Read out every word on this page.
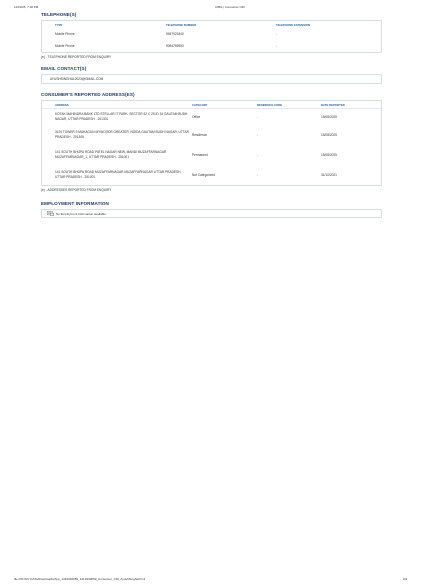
11/19/25, 7:18 PM	CIBIL | Consumer CIR
TELEPHONE(S)
TYPE	TELEPHONE NUMBER	TELEPHONE EXTENSION
Mobile Phone	9457921840	-
Mobile Phone	9084759950	-
(e) - TELEPHONE REPORTED FROM ENQUIRY
EMAIL CONTACT(S)
AYUSHSINGHAL2023@GMAIL.COM
CONSUMER'S REPORTED ADDRESS(ES)
ADDRESS	CATEGORY	RESIDENCE CODE	DATE REPORTED
KOTAK MAHINDRA BANK LTD STELLAR IT PARK, SECTOR 62 C 25 ID 34 GAUTAM BUDH NAGAR, UTTAR PRADESH - 201301	Office	-	15/08/2025
3120 TOWER 9 MAHAGUN MYWOODS GREATER, NOIDA GAUTAM BUDH NAGAR, UTTAR PRADESH - 201306	Residence	-	15/08/2025
141 SOUTH BHOPA ROAD PATEL NAGAR NEW, MANDI MUZAFFARNAGAR MUZAFFARNAGAR_1, UTTAR PRADESH - 251001	Permanent	-	15/08/2025
141 SOUTH BHOPA ROAD MUZAFFARNAGAR MUZAFFARNAGAR UTTAR PRADESH, UTTAR PRADESH - 251001	Not Categorized	-	31/10/2021
(e) - ADDRESSES REPORTED FROM ENQUIRY
EMPLOYMENT INFORMATION
No Employment Information available.
file:///D:/MY DATA/Downloads/App_1419340059_1419340059_Consumer_CIR_AyushSinghal.html	2/4
